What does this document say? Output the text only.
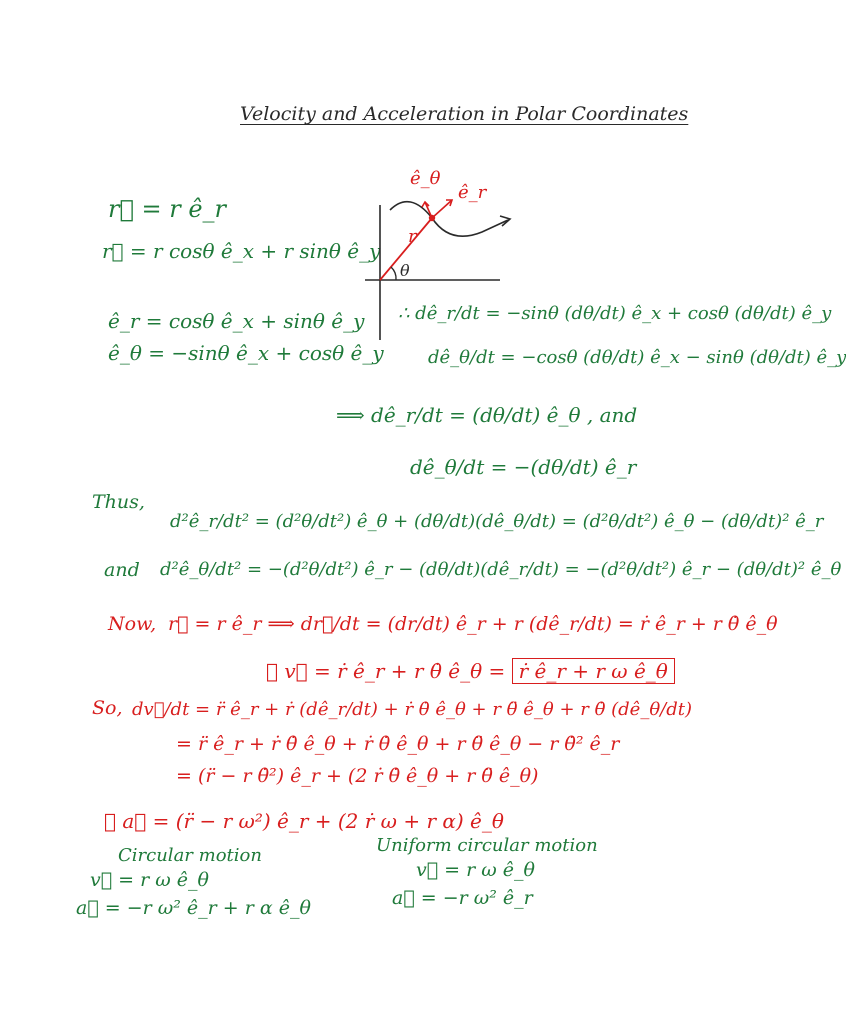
Velocity and Acceleration in Polar Coordinates
r⃗ = r ê_r
r⃗ = r cosθ ê_x + r sinθ ê_y
ê_θ
ê_r
r
θ
ê_r = cosθ ê_x + sinθ ê_y
ê_θ = −sinθ ê_x + cosθ ê_y
∴ dê_r/dt = −sinθ (dθ/dt) ê_x + cosθ (dθ/dt) ê_y
dê_θ/dt = −cosθ (dθ/dt) ê_x − sinθ (dθ/dt) ê_y
⟹ dê_r/dt = (dθ/dt) ê_θ , and
dê_θ/dt = −(dθ/dt) ê_r
Thus,
d²ê_r/dt² = (d²θ/dt²) ê_θ + (dθ/dt)(dê_θ/dt) = (d²θ/dt²) ê_θ − (dθ/dt)² ê_r
and d²ê_θ/dt² = −(d²θ/dt²) ê_r − (dθ/dt)(dê_r/dt) = −(d²θ/dt²) ê_r − (dθ/dt)² ê_θ
Now, r⃗ = r ê_r ⟹ dr⃗/dt = (dr/dt) ê_r + r (dê_r/dt) = ṙ ê_r + r θ̇ ê_θ
∴ v⃗ = ṙ ê_r + r θ̇ ê_θ = ṙ ê_r + r ω ê_θ
So, dv⃗/dt = r̈ ê_r + ṙ (dê_r/dt) + ṙ θ̇ ê_θ + r θ̈ ê_θ + r θ̇ (dê_θ/dt)
= r̈ ê_r + ṙ θ̇ ê_θ + ṙ θ̇ ê_θ + r θ̈ ê_θ − r θ̇² ê_r
= (r̈ − r θ̇²) ê_r + (2 ṙ θ̇ ê_θ + r θ̈ ê_θ)
∴ a⃗ = (r̈ − r ω²) ê_r + (2 ṙ ω + r α) ê_θ
Circular motion
v⃗ = r ω ê_θ
a⃗ = −r ω² ê_r + r α ê_θ
Uniform circular motion
v⃗ = r ω ê_θ
a⃗ = −r ω² ê_r
